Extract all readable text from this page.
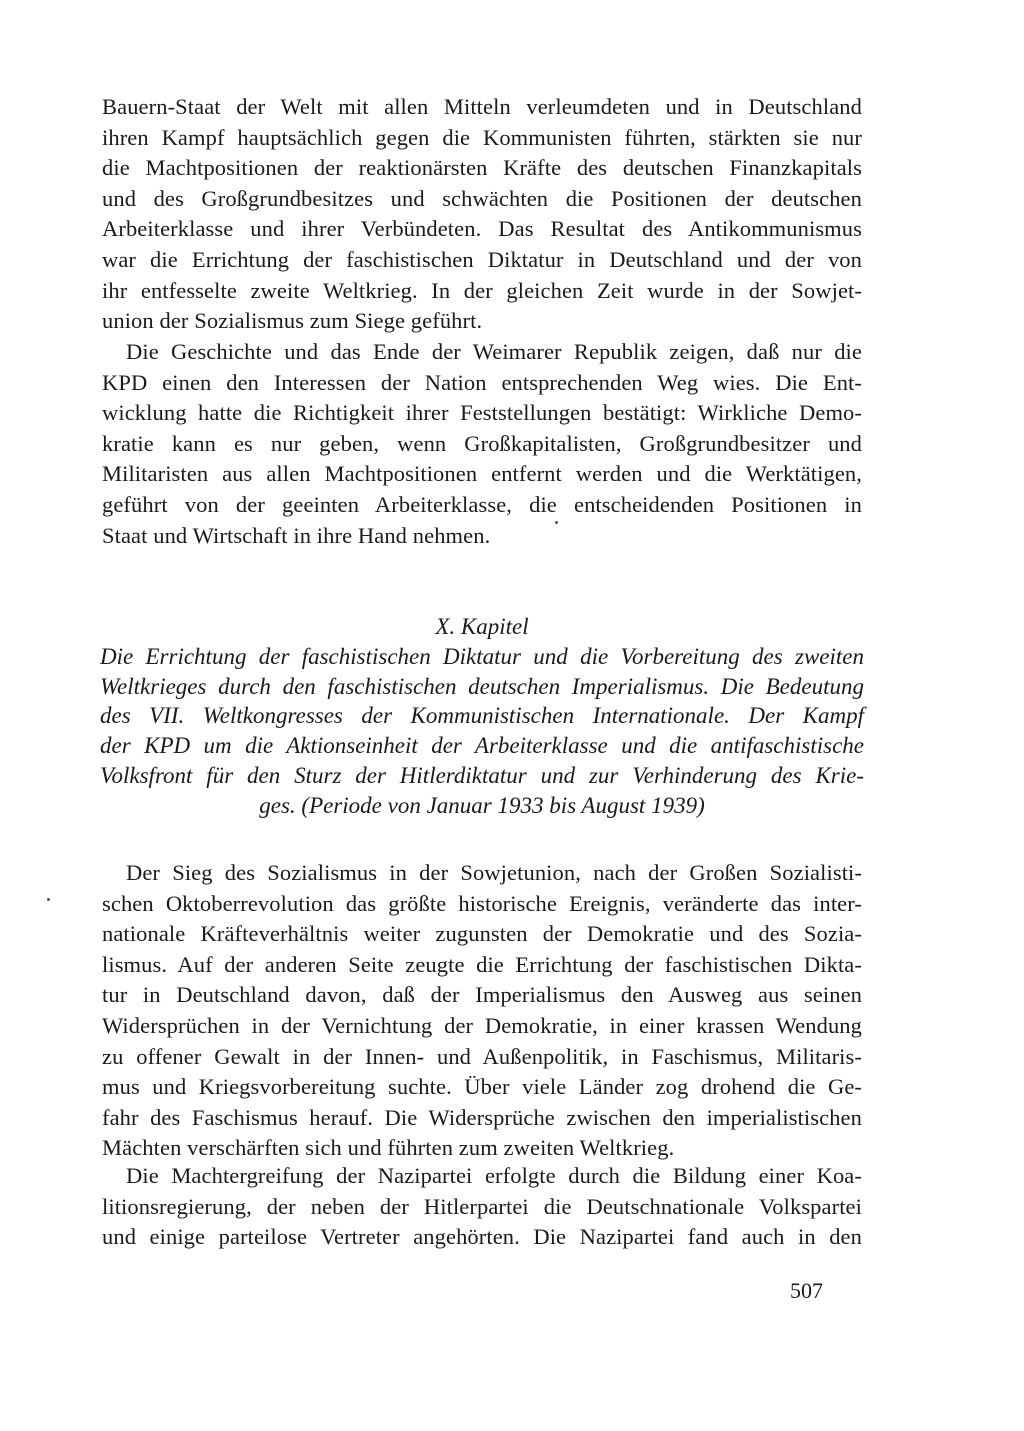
Bauern-Staat der Welt mit allen Mitteln verleumdeten und in Deutschland
ihren Kampf hauptsächlich gegen die Kommunisten führten, stärkten sie nur
die Machtpositionen der reaktionärsten Kräfte des deutschen Finanzkapitals
und des Großgrundbesitzes und schwächten die Positionen der deutschen
Arbeiterklasse und ihrer Verbündeten. Das Resultat des Antikommunismus
war die Errichtung der faschistischen Diktatur in Deutschland und der von
ihr entfesselte zweite Weltkrieg. In der gleichen Zeit wurde in der Sowjet-
union der Sozialismus zum Siege geführt.
Die Geschichte und das Ende der Weimarer Republik zeigen, daß nur die
KPD einen den Interessen der Nation entsprechenden Weg wies. Die Ent-
wicklung hatte die Richtigkeit ihrer Feststellungen bestätigt: Wirkliche Demo-
kratie kann es nur geben, wenn Großkapitalisten, Großgrundbesitzer und
Militaristen aus allen Machtpositionen entfernt werden und die Werktätigen,
geführt von der geeinten Arbeiterklasse, die entscheidenden Positionen in
Staat und Wirtschaft in ihre Hand nehmen.
X. Kapitel
Die Errichtung der faschistischen Diktatur und die Vorbereitung des zweiten
Weltkrieges durch den faschistischen deutschen Imperialismus. Die Bedeutung
des VII. Weltkongresses der Kommunistischen Internationale. Der Kampf
der KPD um die Aktionseinheit der Arbeiterklasse und die antifaschistische
Volksfront für den Sturz der Hitlerdiktatur und zur Verhinderung des Krie-
ges. (Periode von Januar 1933 bis August 1939)
Der Sieg des Sozialismus in der Sowjetunion, nach der Großen Sozialisti-
schen Oktoberrevolution das größte historische Ereignis, veränderte das inter-
nationale Kräfteverhältnis weiter zugunsten der Demokratie und des Sozia-
lismus. Auf der anderen Seite zeugte die Errichtung der faschistischen Dikta-
tur in Deutschland davon, daß der Imperialismus den Ausweg aus seinen
Widersprüchen in der Vernichtung der Demokratie, in einer krassen Wendung
zu offener Gewalt in der Innen- und Außenpolitik, in Faschismus, Militaris-
mus und Kriegsvorbereitung suchte. Über viele Länder zog drohend die Ge-
fahr des Faschismus herauf. Die Widersprüche zwischen den imperialistischen
Mächten verschärften sich und führten zum zweiten Weltkrieg.
Die Machtergreifung der Nazipartei erfolgte durch die Bildung einer Koa-
litionsregierung, der neben der Hitlerpartei die Deutschnationale Volkspartei
und einige parteilose Vertreter angehörten. Die Nazipartei fand auch in den
507
